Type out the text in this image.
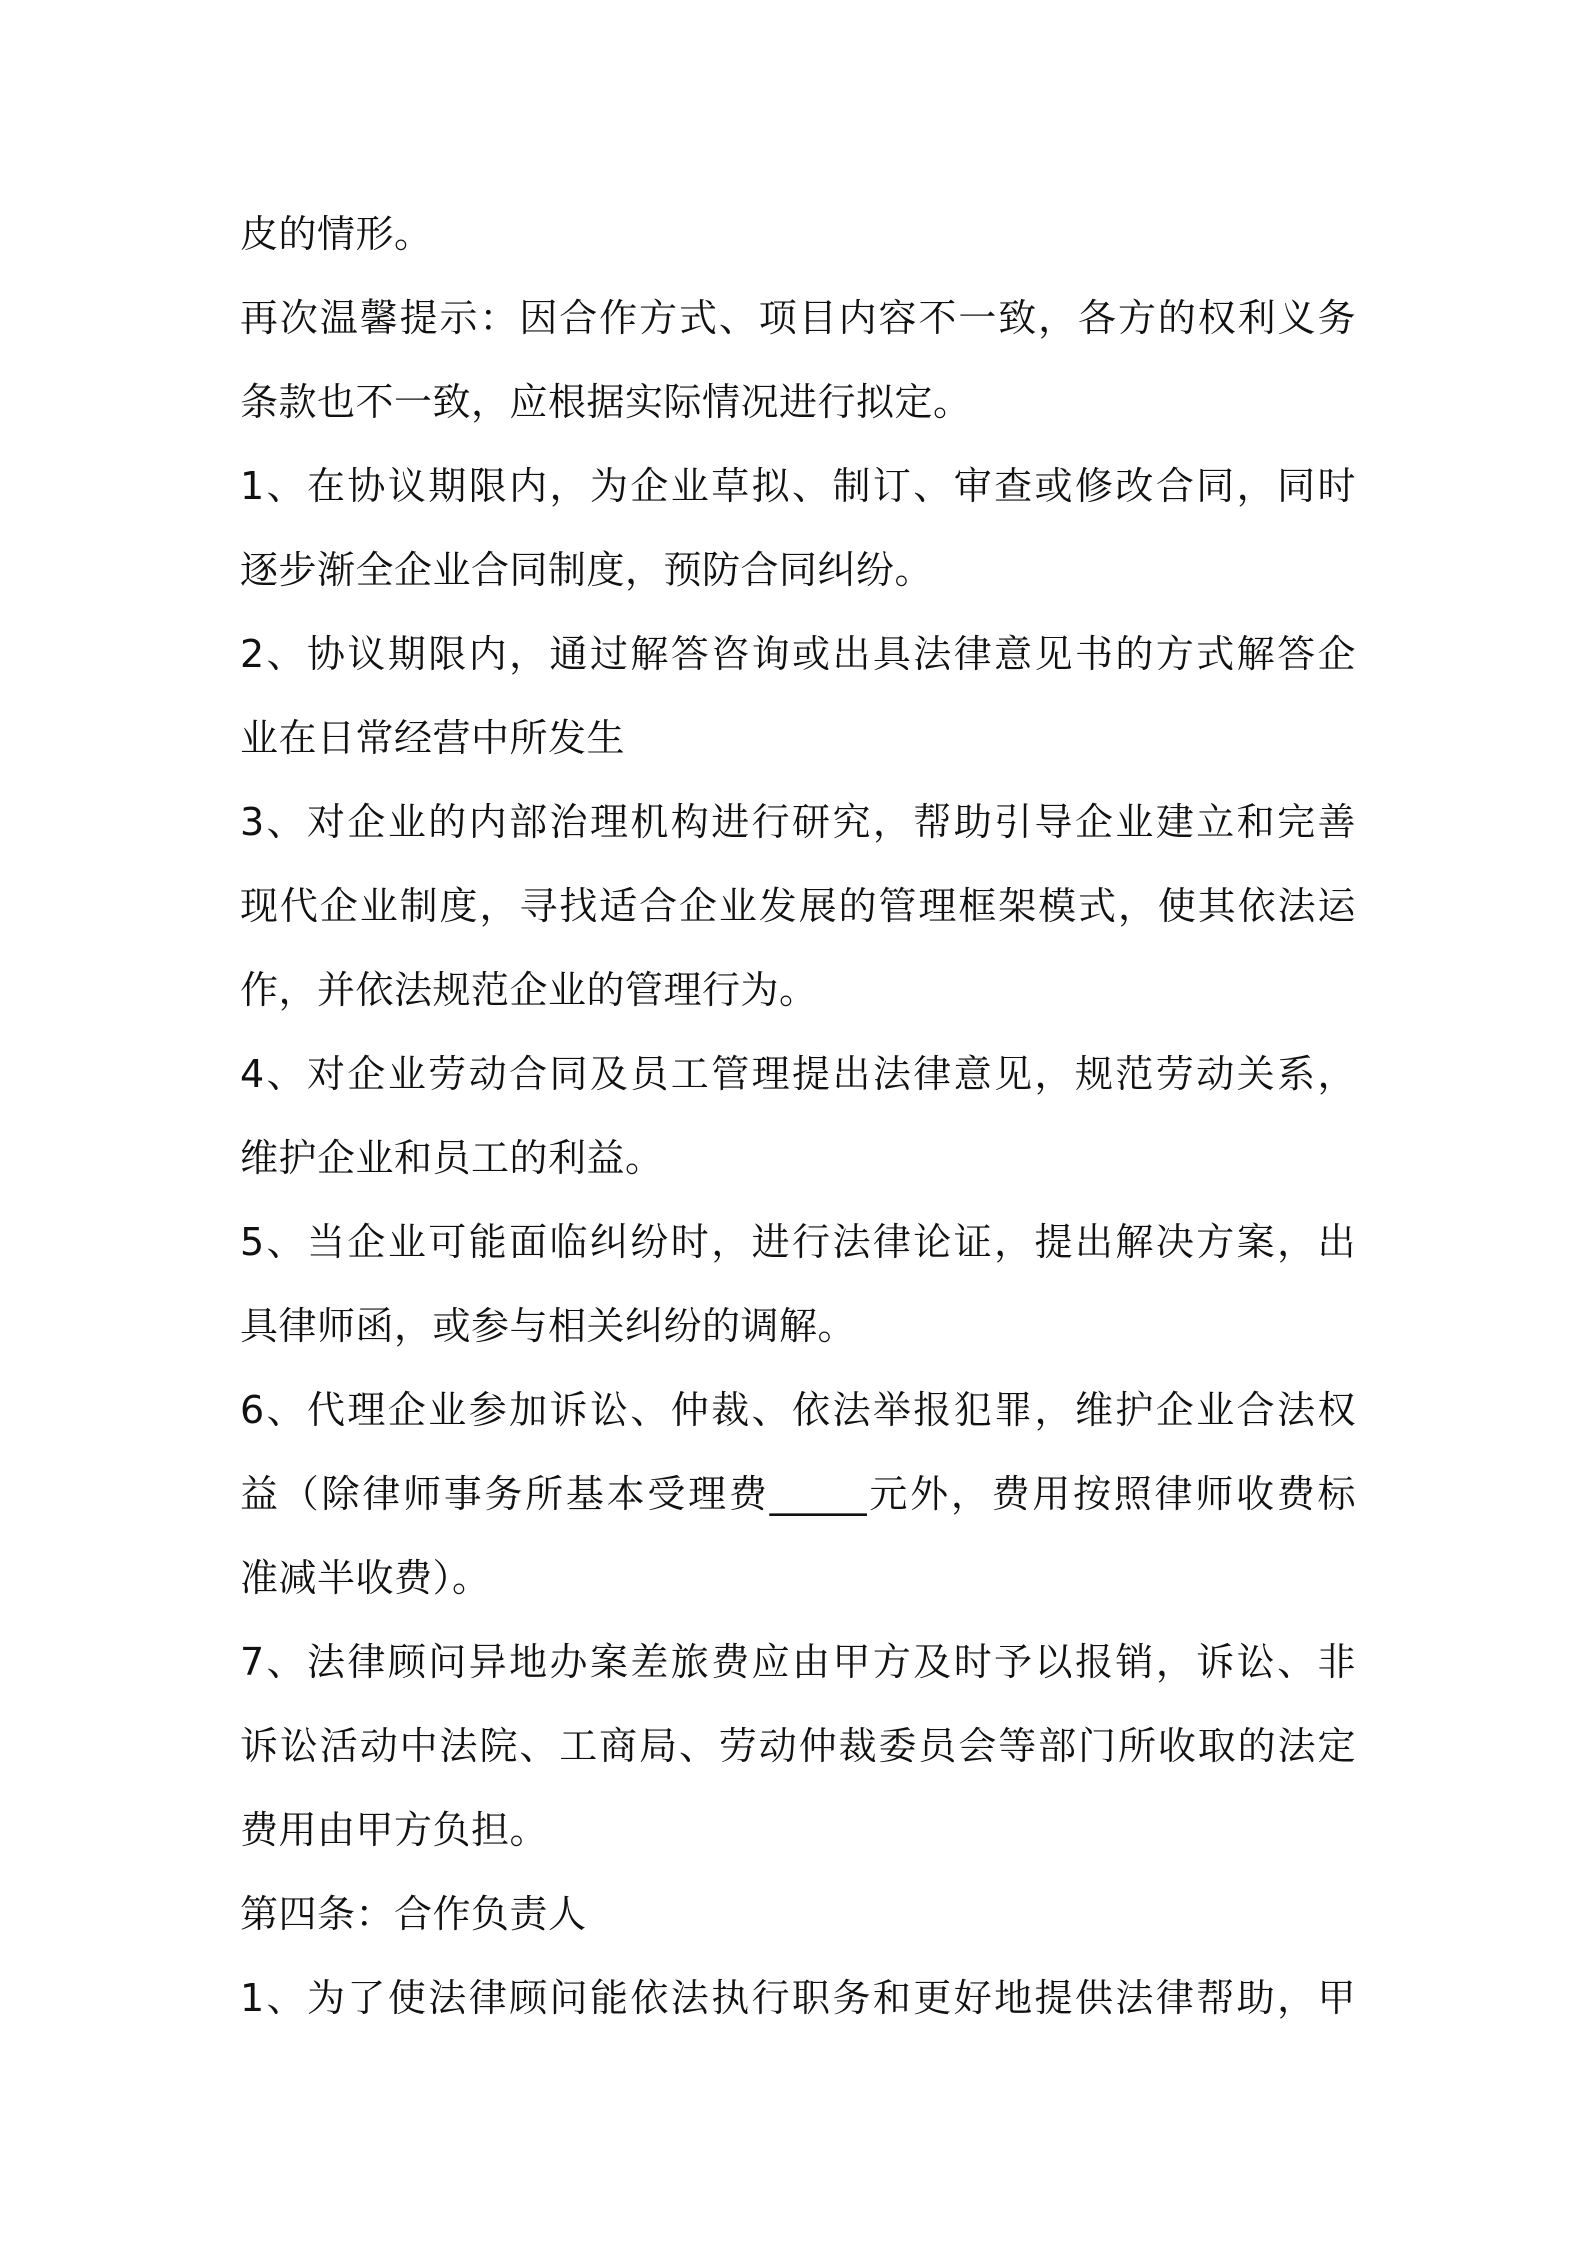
皮的情形。
再次温馨提示：因合作方式、项目内容不一致，各方的权利义务
条款也不一致，应根据实际情况进行拟定。
1、在协议期限内，为企业草拟、制订、审查或修改合同，同时
逐步渐全企业合同制度，预防合同纠纷。
2、协议期限内，通过解答咨询或出具法律意见书的方式解答企
业在日常经营中所发生
3、对企业的内部治理机构进行研究，帮助引导企业建立和完善
现代企业制度，寻找适合企业发展的管理框架模式，使其依法运
作，并依法规范企业的管理行为。
4、对企业劳动合同及员工管理提出法律意见，规范劳动关系，
维护企业和员工的利益。
5、当企业可能面临纠纷时，进行法律论证，提出解决方案，出
具律师函，或参与相关纠纷的调解。
6、代理企业参加诉讼、仲裁、依法举报犯罪，维护企业合法权
益（除律师事务所基本受理费_____元外，费用按照律师收费标
准减半收费）。
7、法律顾问异地办案差旅费应由甲方及时予以报销，诉讼、非
诉讼活动中法院、工商局、劳动仲裁委员会等部门所收取的法定
费用由甲方负担。
第四条：合作负责人
1、为了使法律顾问能依法执行职务和更好地提供法律帮助，甲
